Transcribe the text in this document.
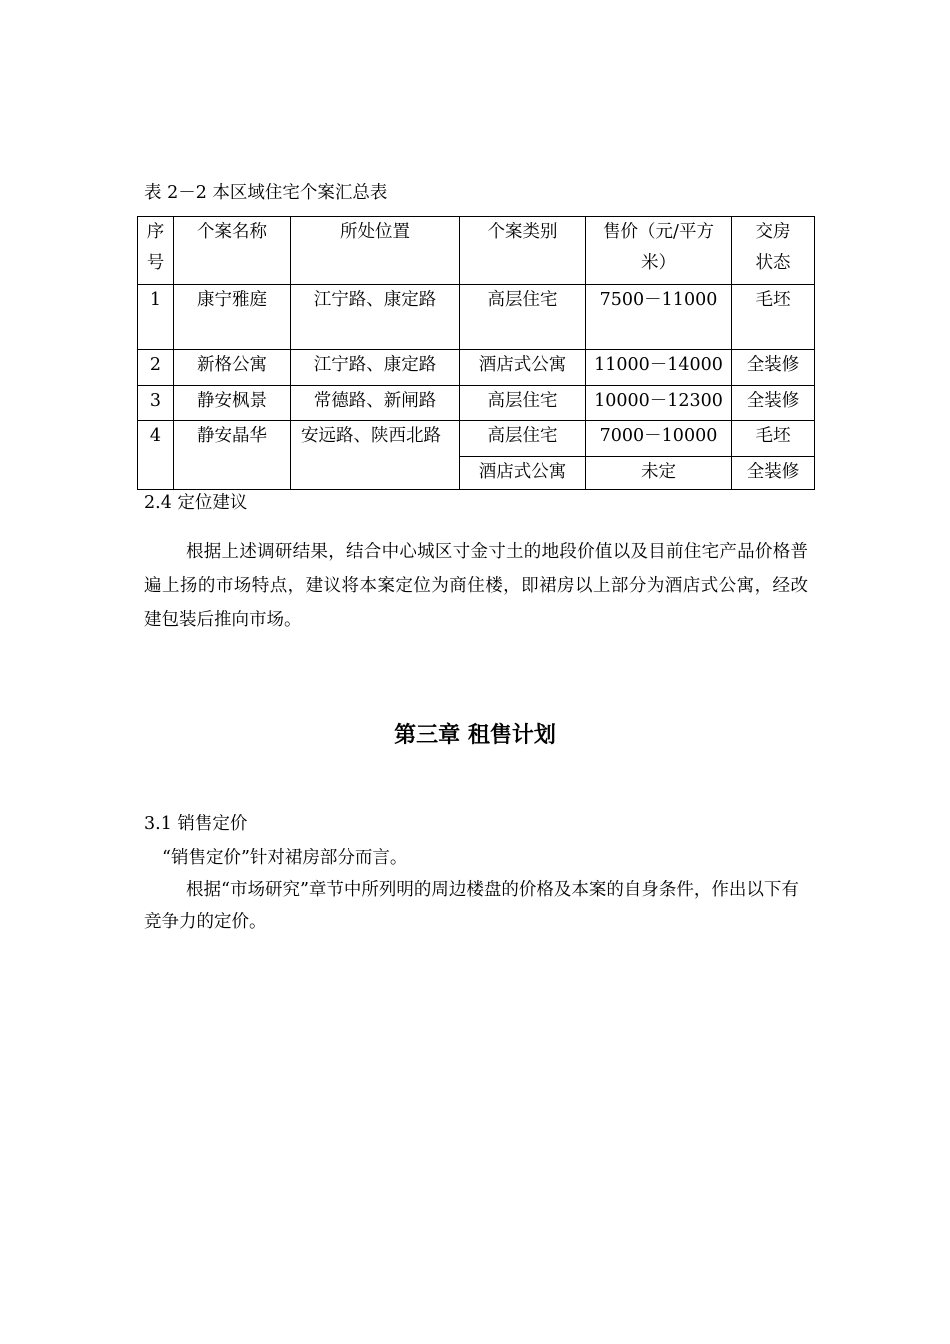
表 2－2 本区域住宅个案汇总表
序号	个案名称	所处位置	个案类别	售价（元/平方米）	交房状态
1	康宁雅庭	江宁路、康定路	高层住宅	7500－11000	毛坯
2	新格公寓	江宁路、康定路	酒店式公寓	11000－14000	全装修
3	静安枫景	常德路、新闸路	高层住宅	10000－12300	全装修
4	静安晶华	安远路、陕西北路	高层住宅	7000－10000	毛坯
			酒店式公寓	未定	全装修
2.4 定位建议
根据上述调研结果，结合中心城区寸金寸土的地段价值以及目前住宅产品价格普遍上扬的市场特点，建议将本案定位为商住楼，即裙房以上部分为酒店式公寓，经改建包装后推向市场。
第三章 租售计划
3.1 销售定价
“销售定价”针对裙房部分而言。
根据“市场研究”章节中所列明的周边楼盘的价格及本案的自身条件，作出以下有竞争力的定价。
